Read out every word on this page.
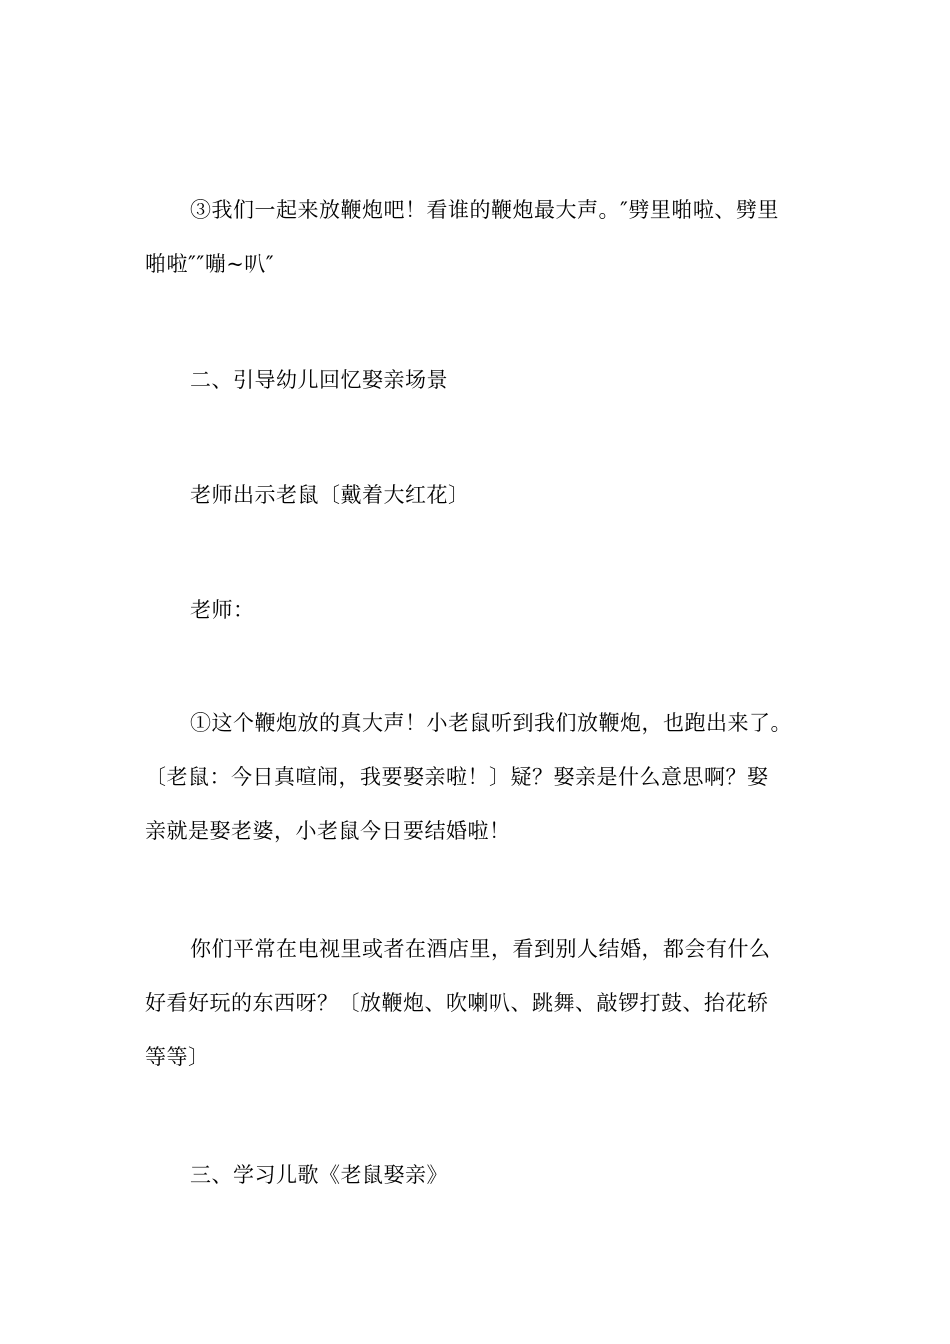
③我们一起来放鞭炮吧！看谁的鞭炮最大声。″劈里啪啦、劈里
啪啦″″嘣~叭″

二、引导幼儿回忆娶亲场景

老师出示老鼠〔戴着大红花〕

老师：

①这个鞭炮放的真大声！小老鼠听到我们放鞭炮，也跑出来了。
〔老鼠：今日真喧闹，我要娶亲啦！〕疑？娶亲是什么意思啊？娶
亲就是娶老婆，小老鼠今日要结婚啦！

你们平常在电视里或者在酒店里，看到别人结婚，都会有什么
好看好玩的东西呀？〔放鞭炮、吹喇叭、跳舞、敲锣打鼓、抬花轿
等等〕

三、学习儿歌《老鼠娶亲》
